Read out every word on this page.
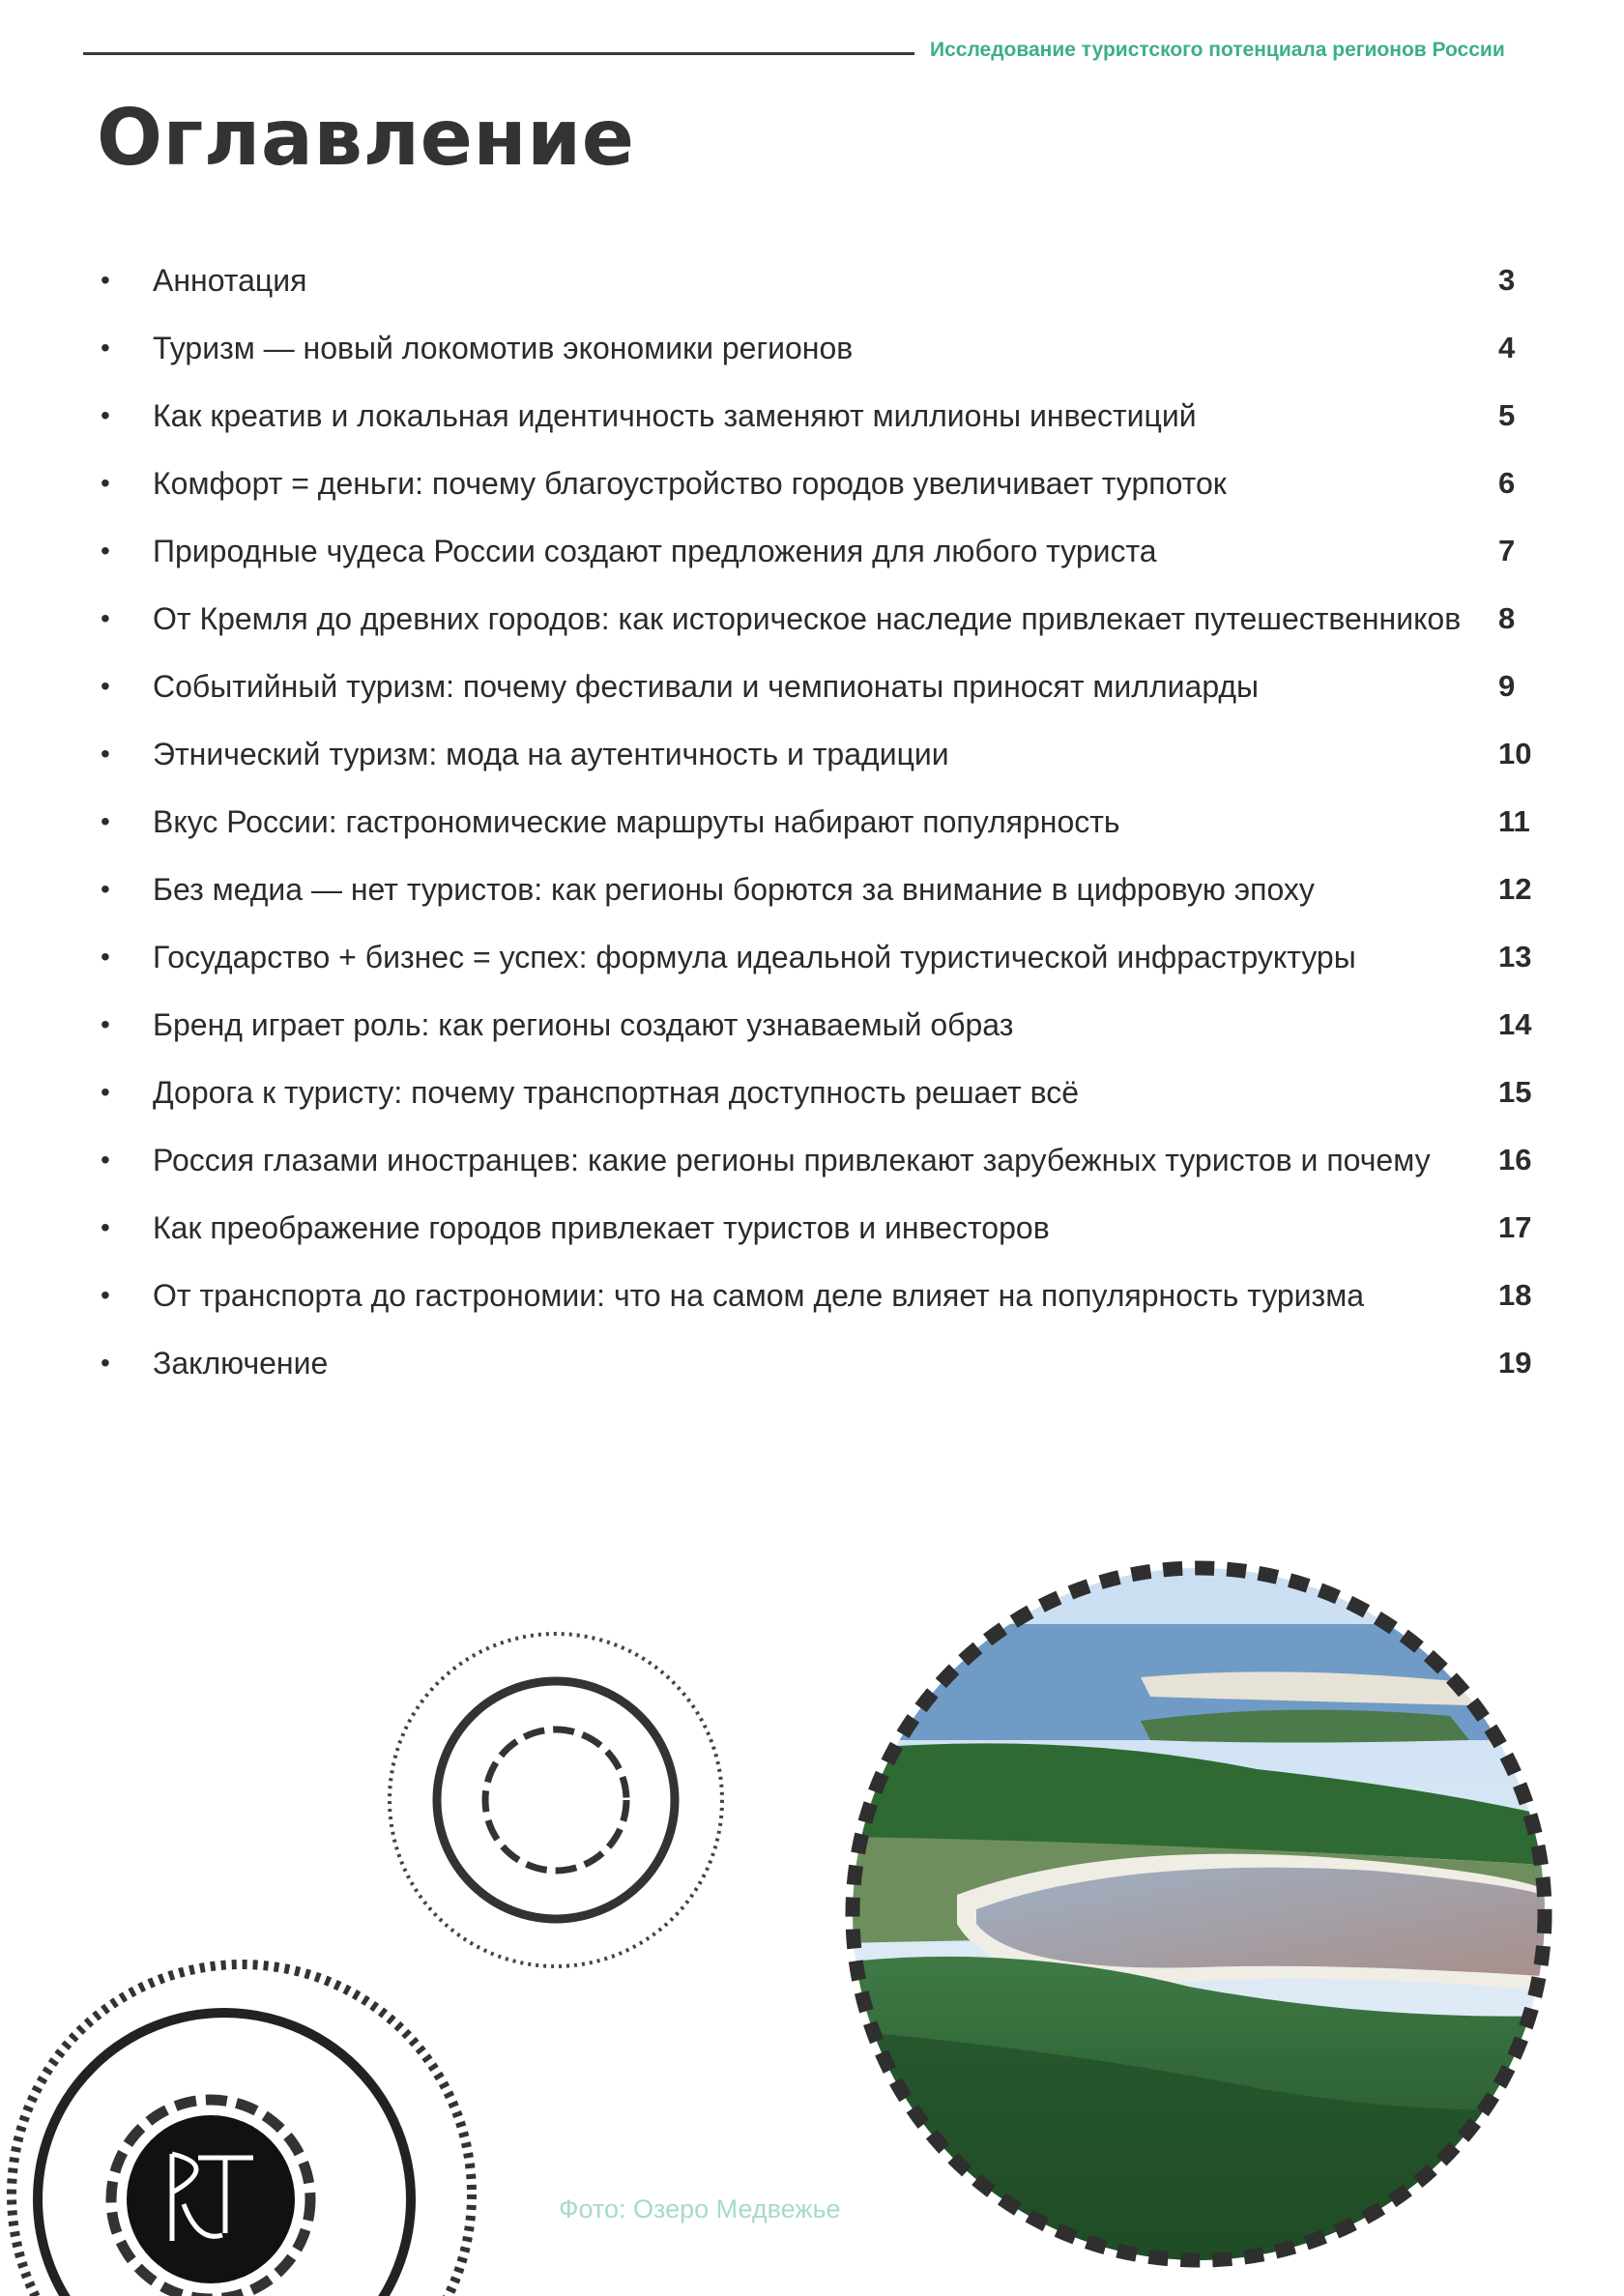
Исследование туристского потенциала регионов России
Оглавление
• Аннотация	3
• Туризм — новый локомотив экономики регионов	4
• Как креатив и локальная идентичность заменяют миллионы инвестиций	5
• Комфорт = деньги: почему благоустройство городов увеличивает турпоток	6
• Природные чудеса России создают предложения для любого туриста	7
• От Кремля до древних городов: как историческое наследие привлекает путешественников	8
• Событийный туризм: почему фестивали и чемпионаты приносят миллиарды	9
• Этнический туризм: мода на аутентичность и традиции	10
• Вкус России: гастрономические маршруты набирают популярность	11
• Без медиа — нет туристов: как регионы борются за внимание в цифровую эпоху	12
• Государство + бизнес = успех: формула идеальной туристической инфраструктуры	13
• Бренд играет роль: как регионы создают узнаваемый образ	14
• Дорога к туристу: почему транспортная доступность решает всё	15
• Россия глазами иностранцев: какие регионы привлекают зарубежных туристов и почему	16
• Как преображение городов привлекает туристов и инвесторов	17
• От транспорта до гастрономии: что на самом деле влияет на популярность туризма	18
• Заключение	19
Фото: Озеро Медвежье
